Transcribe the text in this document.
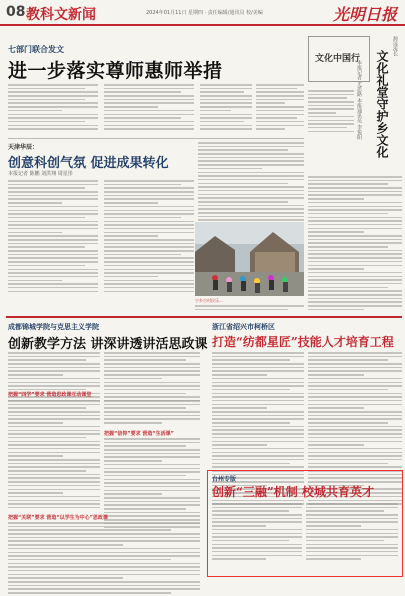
08 教科文新闻	2024年01月11日 星期四 · 责任编辑/通讯员 校/美编	光明日报
七部门联合发文
进一步落实尊师惠师举措
天津华辰：
创意科创气氛 促进成果转化
本报记者 陈鹏 刘洪翔 周星彤
宁乡古村民乐…
文化中国行
源远流长
文化礼堂守护乡文化
本报记者 尤思路 本报通讯员 李悦阳
成都锦城学院与克思主义学院
创新教学方法 讲深讲透讲活思政课
把握“四学”要求 营造思政课互动课堂
把握“信仰”要求 营造“生活课”
把握“关联”要求 营造“以学生为中心”思政课
浙江省绍兴市柯桥区
打造“纺都星匠”技能人才培育工程
台州专版
创新“三融”机制 校城共育英才
